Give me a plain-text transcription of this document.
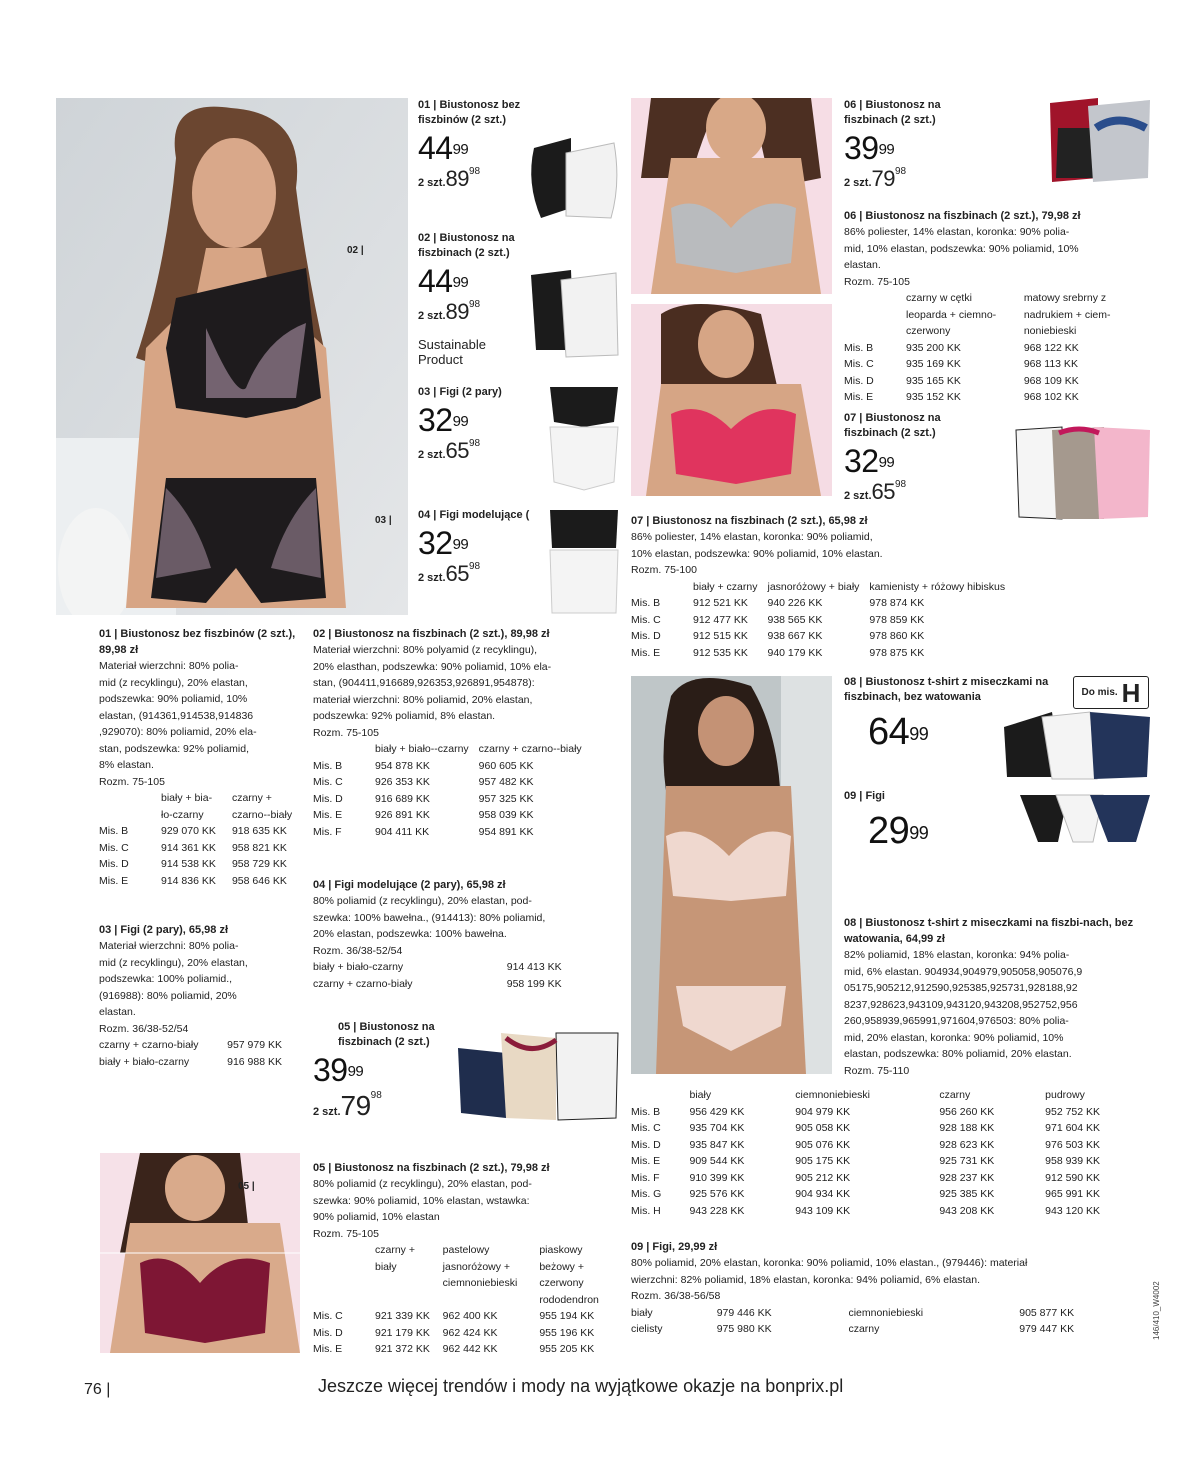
02 |
03 |
05 |
01 | Biustonosz bez fiszbinów (2 szt.)
$44^{99}$
2 $szt.89^{98}$
02 | Biustonosz na fiszbinach (2 szt.)
$44^{99}$
2 $szt.89^{98}$
Sustainable Product
03 | Figi (2 pary)
$32^{99}$
2 $szt.65^{98}$
04 | Figi modelujące (
$32^{99}$
2 $szt.65^{98}$
05 | Biustonosz na fiszbinach (2 szt.)
$39^{99}$
2 $szt.79^{98}$
06 | Biustonosz na fiszbinach (2 szt.)
$39^{99}$
2 $szt.79^{98}$
07 | Biustonosz na fiszbinach (2 szt.)
$32^{99}$
2 $szt.65^{98}$
08 | Biustonosz t-shirt z miseczkami na fiszbinach, bez watowania
$64^{99}$
Do mis. H
09 | Figi
$29^{99}$
01 | Biustonosz bez fiszbinów (2 szt.), 89,98 zł
Materiał wierzchni: 80% polia-
mid (z recyklingu), 20% elastan,
podszewka: 90% poliamid, 10%
elastan, (914361,914538,914836
,929070): 80% poliamid, 20% ela-
stan, podszewka: 92% poliamid,
8% elastan.
Rozm. 75-105
	biały + bia-ło-czarny	czarny + czarno--biały
Mis. B	929 070 KK	918 635 KK
Mis. C	914 361 KK	958 821 KK
Mis. D	914 538 KK	958 729 KK
Mis. E	914 836 KK	958 646 KK
02 | Biustonosz na fiszbinach (2 szt.), 89,98 zł
Materiał wierzchni: 80% polyamid (z recyklingu),
20% elasthan, podszewka: 90% poliamid, 10% ela-
stan, (904411,916689,926353,926891,954878):
materiał wierzchni: 80% poliamid, 20% elastan,
podszewka: 92% poliamid, 8% elastan.
Rozm. 75-105
	biały + biało--czarny	czarny + czarno--biały
Mis. B	954 878 KK	960 605 KK
Mis. C	926 353 KK	957 482 KK
Mis. D	916 689 KK	957 325 KK
Mis. E	926 891 KK	958 039 KK
Mis. F	904 411 KK	954 891 KK
03 | Figi (2 pary), 65,98 zł
Materiał wierzchni: 80% polia-
mid (z recyklingu), 20% elastan,
podszewka: 100% poliamid.,
(916988): 80% poliamid, 20%
elastan.
Rozm. 36/38-52/54
czarny + czarno-biały	957 979 KK
biały + biało-czarny	916 988 KK
04 | Figi modelujące (2 pary), 65,98 zł
80% poliamid (z recyklingu), 20% elastan, pod-
szewka: 100% bawełna., (914413): 80% poliamid,
20% elastan, podszewka: 100% bawełna.
Rozm. 36/38-52/54
biały + biało-czarny	914 413 KK
czarny + czarno-biały	958 199 KK
05 | Biustonosz na fiszbinach (2 szt.), 79,98 zł
80% poliamid (z recyklingu), 20% elastan, pod-
szewka: 90% poliamid, 10% elastan, wstawka:
90% poliamid, 10% elastan
Rozm. 75-105
	czarny + biały	pastelowy jasnoróżowy + ciemnoniebieski	piaskowy beżowy + czerwony rododendron
Mis. C	921 339 KK	962 400 KK	955 194 KK
Mis. D	921 179 KK	962 424 KK	955 196 KK
Mis. E	921 372 KK	962 442 KK	955 205 KK
06 | Biustonosz na fiszbinach (2 szt.), 79,98 zł
86% poliester, 14% elastan, koronka: 90% polia-
mid, 10% elastan, podszewka: 90% poliamid, 10%
elastan.
Rozm. 75-105
	czarny w cętki leoparda + ciemno-czerwony	matowy srebrny z nadrukiem + ciem-noniebieski
Mis. B	935 200 KK	968 122 KK
Mis. C	935 169 KK	968 113 KK
Mis. D	935 165 KK	968 109 KK
Mis. E	935 152 KK	968 102 KK
07 | Biustonosz na fiszbinach (2 szt.), 65,98 zł
86% poliester, 14% elastan, koronka: 90% poliamid,
10% elastan, podszewka: 90% poliamid, 10% elastan.
Rozm. 75-100
	biały + czarny	jasnoróżowy + biały	kamienisty + różowy hibiskus
Mis. B	912 521 KK	940 226 KK	978 874 KK
Mis. C	912 477 KK	938 565 KK	978 859 KK
Mis. D	912 515 KK	938 667 KK	978 860 KK
Mis. E	912 535 KK	940 179 KK	978 875 KK
08 | Biustonosz t-shirt z miseczkami na fiszbi-nach, bez watowania, 64,99 zł
82% poliamid, 18% elastan, koronka: 94% polia-
mid, 6% elastan. 904934,904979,905058,905076,9
05175,905212,912590,925385,925731,928188,92
8237,928623,943109,943120,943208,952752,956
260,958939,965991,971604,976503: 80% polia-
mid, 20% elastan, koronka: 90% poliamid, 10%
elastan, podszewka: 80% poliamid, 20% elastan.
Rozm. 75-110
	biały	ciemnoniebieski	czarny	pudrowy
Mis. B	956 429 KK	904 979 KK	956 260 KK	952 752 KK
Mis. C	935 704 KK	905 058 KK	928 188 KK	971 604 KK
Mis. D	935 847 KK	905 076 KK	928 623 KK	976 503 KK
Mis. E	909 544 KK	905 175 KK	925 731 KK	958 939 KK
Mis. F	910 399 KK	905 212 KK	928 237 KK	912 590 KK
Mis. G	925 576 KK	904 934 KK	925 385 KK	965 991 KK
Mis. H	943 228 KK	943 109 KK	943 208 KK	943 120 KK
09 | Figi, 29,99 zł
80% poliamid, 20% elastan, koronka: 90% poliamid, 10% elastan., (979446): materiał
wierzchni: 82% poliamid, 18% elastan, koronka: 94% poliamid, 6% elastan.
Rozm. 36/38-56/58
biały	979 446 KK	ciemnoniebieski	905 877 KK
cielisty	975 980 KK	czarny	979 447 KK
76 |	Jeszcze więcej trendów i mody na wyjątkowe okazje na bonprix.pl
146/410_W4002
